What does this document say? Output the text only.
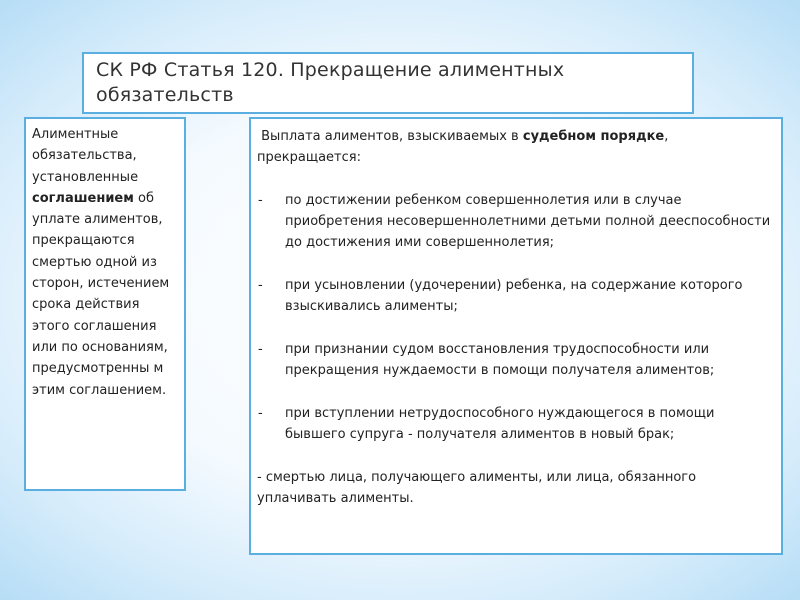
СК РФ Статья 120. Прекращение алиментных обязательств

Алиментные обязательства, установленные соглашением об уплате алиментов, прекращаются смертью одной из сторон, истечением срока действия этого соглашения или по основаниям, предусмотренны м этим соглашением.

Выплата алиментов, взыскиваемых в судебном порядке, прекращается:

- по достижении ребенком совершеннолетия или в случае приобретения несовершеннолетними детьми полной дееспособности до достижения ими совершеннолетия;
- при усыновлении (удочерении) ребенка, на содержание которого взыскивались алименты;
- при признании судом восстановления трудоспособности или прекращения нуждаемости в помощи получателя алиментов;
- при вступлении нетрудоспособного нуждающегося в помощи бывшего супруга - получателя алиментов в новый брак;

- смертью лица, получающего алименты, или лица, обязанного уплачивать алименты.
